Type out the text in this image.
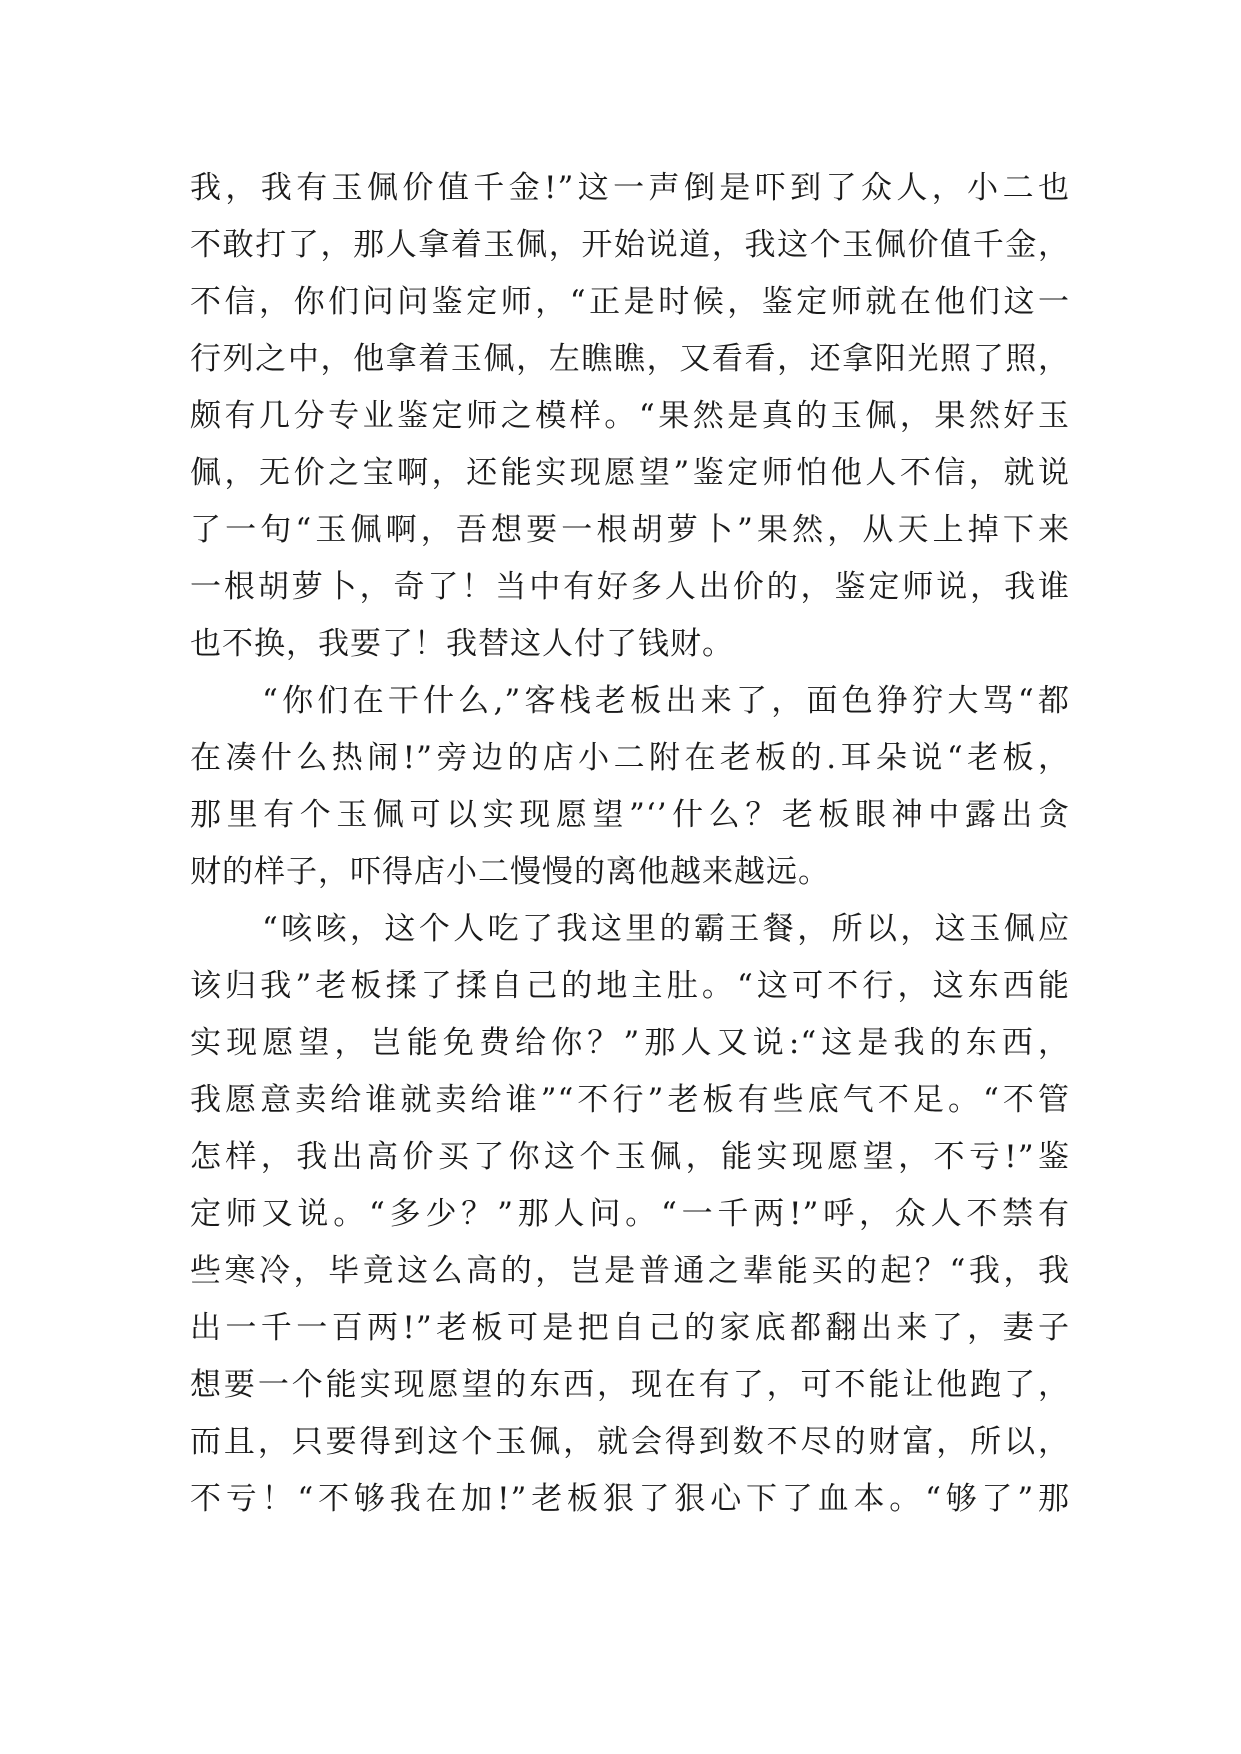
我，我有玉佩价值千金!”这一声倒是吓到了众人，小二也
不敢打了，那人拿着玉佩，开始说道，我这个玉佩价值千金，
不信，你们问问鉴定师，“正是时候，鉴定师就在他们这一
行列之中，他拿着玉佩，左瞧瞧，又看看，还拿阳光照了照，
颇有几分专业鉴定师之模样。“果然是真的玉佩，果然好玉
佩，无价之宝啊，还能实现愿望”鉴定师怕他人不信，就说
了一句“玉佩啊，吾想要一根胡萝卜”果然，从天上掉下来
一根胡萝卜，奇了！当中有好多人出价的，鉴定师说，我谁
也不换，我要了！我替这人付了钱财。
“你们在干什么,”客栈老板出来了，面色狰狞大骂“都
在凑什么热闹!”旁边的店小二附在老板的.耳朵说“老板，
那里有个玉佩可以实现愿望”‘’什么？老板眼神中露出贪
财的样子，吓得店小二慢慢的离他越来越远。
“咳咳，这个人吃了我这里的霸王餐，所以，这玉佩应
该归我”老板揉了揉自己的地主肚。“这可不行，这东西能
实现愿望，岂能免费给你？”那人又说:“这是我的东西，
我愿意卖给谁就卖给谁”“不行”老板有些底气不足。“不管
怎样，我出高价买了你这个玉佩，能实现愿望，不亏!”鉴
定师又说。“多少？”那人问。“一千两!”呼，众人不禁有
些寒冷，毕竟这么高的，岂是普通之辈能买的起？“我，我
出一千一百两!”老板可是把自己的家底都翻出来了，妻子
想要一个能实现愿望的东西，现在有了，可不能让他跑了，
而且，只要得到这个玉佩，就会得到数不尽的财富，所以，
不亏！“不够我在加!”老板狠了狠心下了血本。“够了”那
